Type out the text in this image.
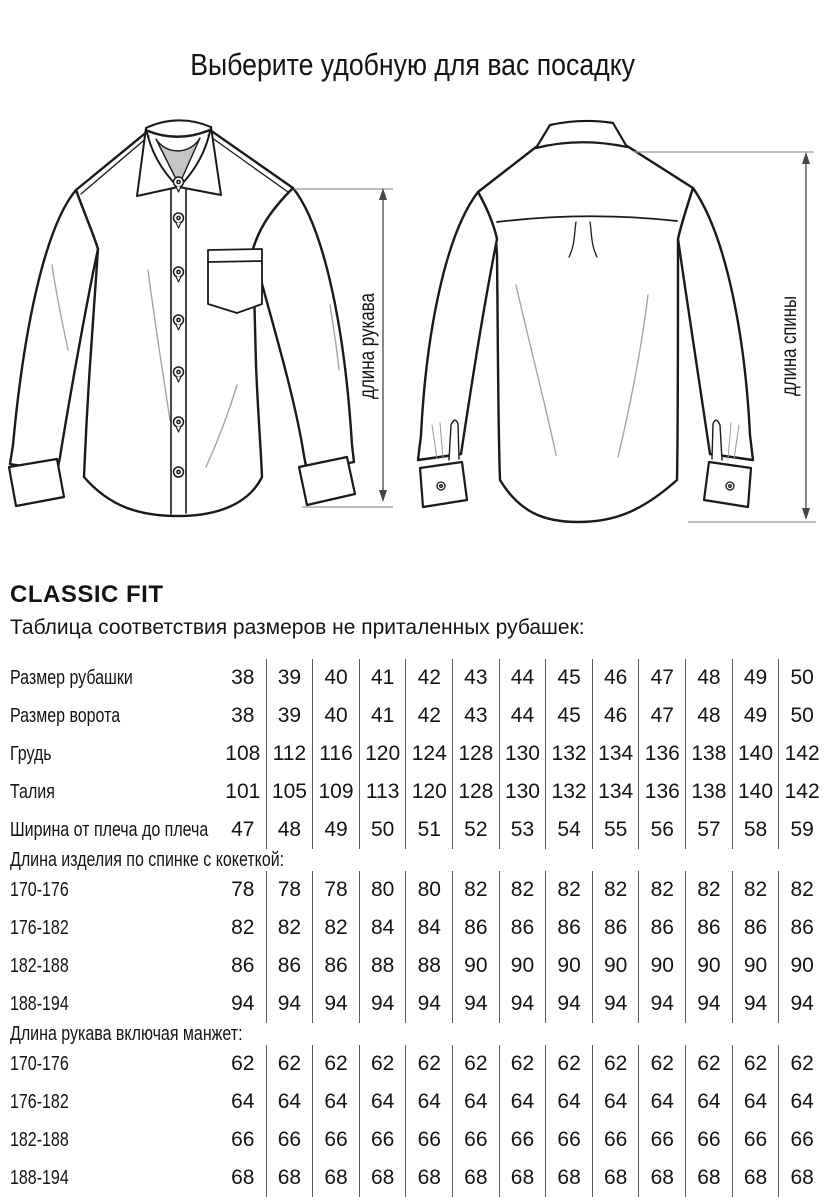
Выберите удобную для вас посадку
длина рукава	длина спины
CLASSIC FIT
Таблица соответствия размеров не приталенных рубашек:
Размер рубашки	38	39	40	41	42	43	44	45	46	47	48	49	50
Размер ворота	38	39	40	41	42	43	44	45	46	47	48	49	50
Грудь	108 112 116 120 124 128 130 132 134 136 138 140 142
Талия	101 105 109 113 120 128 130 132 134 136 138 140 142
Ширина от плеча до плеча	47	48	49	50	51	52	53	54	55	56	57	58	59
Длина изделия по спинке с кокеткой:
170-176	78	78	78	80	80	82	82	82	82	82	82	82	82
176-182	82	82	82	84	84	86	86	86	86	86	86	86	86
182-188	86	86	86	88	88	90	90	90	90	90	90	90	90
188-194	94	94	94	94	94	94	94	94	94	94	94	94	94
Длина рукава включая манжет:
170-176	62	62	62	62	62	62	62	62	62	62	62	62	62
176-182	64	64	64	64	64	64	64	64	64	64	64	64	64
182-188	66	66	66	66	66	66	66	66	66	66	66	66	66
188-194	68	68	68	68	68	68	68	68	68	68	68	68	68
